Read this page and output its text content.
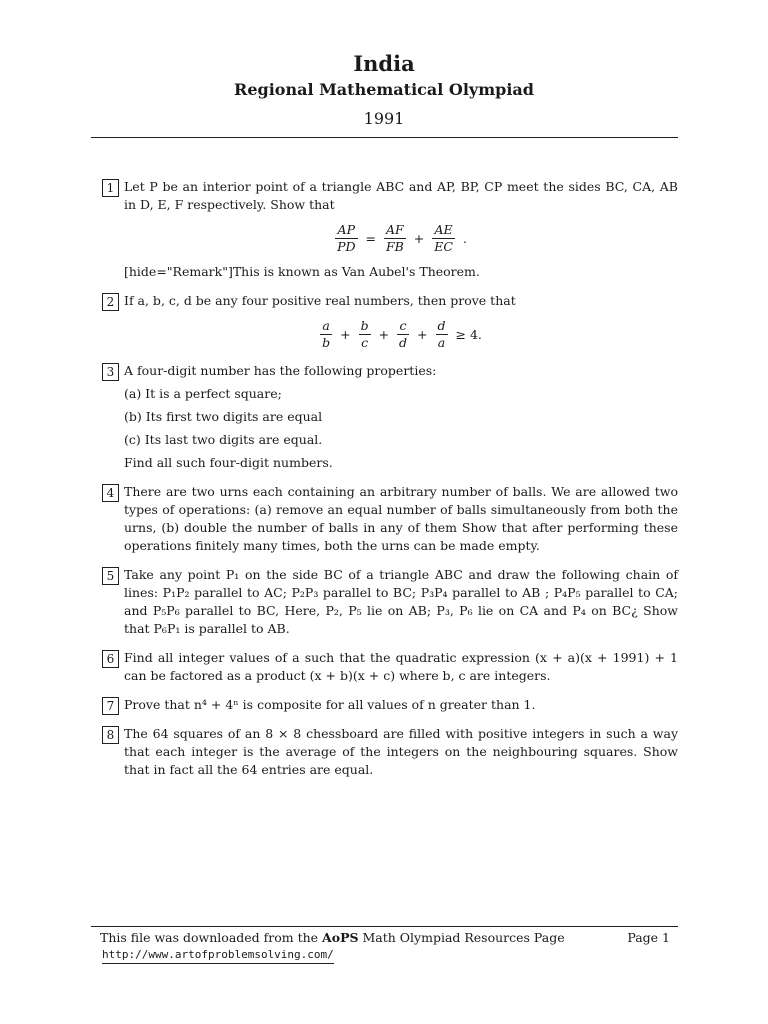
India
Regional Mathematical Olympiad
1991
1 Let P be an interior point of a triangle ABC and AP, BP, CP meet the sides BC, CA, AB in D, E, F respectively. Show that
$\frac{AP}{PD} = \frac{AF}{FB} + \frac{AE}{EC}$ .
[hide="Remark"]This is known as Van Aubel's Theorem.
2 If a, b, c, d be any four positive real numbers, then prove that
$\frac{a}{b} + \frac{b}{c} + \frac{c}{d} + \frac{d}{a} \ge 4$.
3 A four-digit number has the following properties:
(a) It is a perfect square;
(b) Its first two digits are equal
(c) Its last two digits are equal.
Find all such four-digit numbers.
4 There are two urns each containing an arbitrary number of balls. We are allowed two types of operations: (a) remove an equal number of balls simultaneously from both the urns, (b) double the number of balls in any of them Show that after performing these operations finitely many times, both the urns can be made empty.
5 Take any point P₁ on the side BC of a triangle ABC and draw the following chain of lines: P₁P₂ parallel to AC; P₂P₃ parallel to BC; P₃P₄ parallel to AB ; P₄P₅ parallel to CA; and P₅P₆ parallel to BC, Here, P₂, P₅ lie on AB; P₃, P₆ lie on CA and P₄ on BC¿ Show that P₆P₁ is parallel to AB.
6 Find all integer values of a such that the quadratic expression (x + a)(x + 1991) + 1 can be factored as a product (x + b)(x + c) where b, c are integers.
7 Prove that n⁴ + 4ⁿ is composite for all values of n greater than 1.
8 The 64 squares of an 8 × 8 chessboard are filled with positive integers in such a way that each integer is the average of the integers on the neighbouring squares. Show that in fact all the 64 entries are equal.
This file was downloaded from the AoPS Math Olympiad Resources Page	Page 1
http://www.artofproblemsolving.com/
